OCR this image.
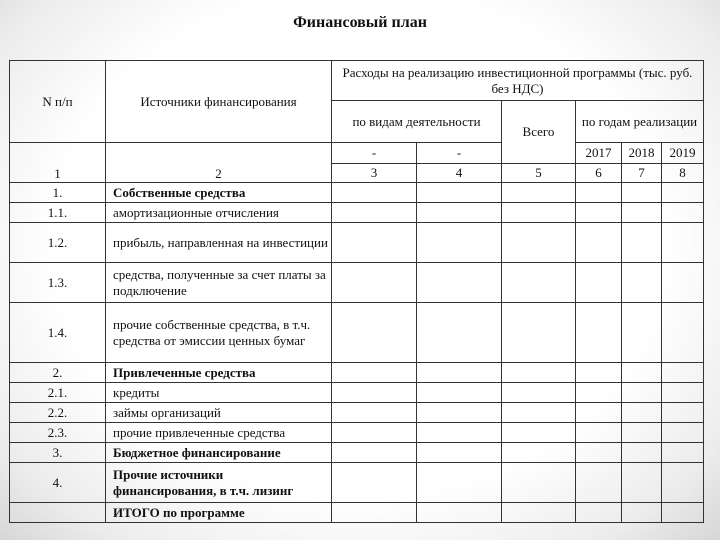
Финансовый план
N п/п	Источники финансирования	Расходы на реализацию инвестиционной программы (тыс. руб. без НДС)					
		по видам деятельности		Всего	по годам реализации		
1	2	-	-		2017	2018	2019
		3	4	5	6	7	8
1.	Собственные средства						
1.1.	амортизационные отчисления						
1.2.	прибыль, направленная на инвестиции						
1.3.	средства, полученные за счет платы за подключение						
1.4.	прочие собственные средства, в т.ч. средства от эмиссии ценных бумаг						
2.	Привлеченные средства						
2.1.	кредиты						
2.2.	займы организаций						
2.3.	прочие привлеченные средства						
3.	Бюджетное финансирование						
4.	Прочие источники финансирования, в т.ч. лизинг						
	ИТОГО по программе						
